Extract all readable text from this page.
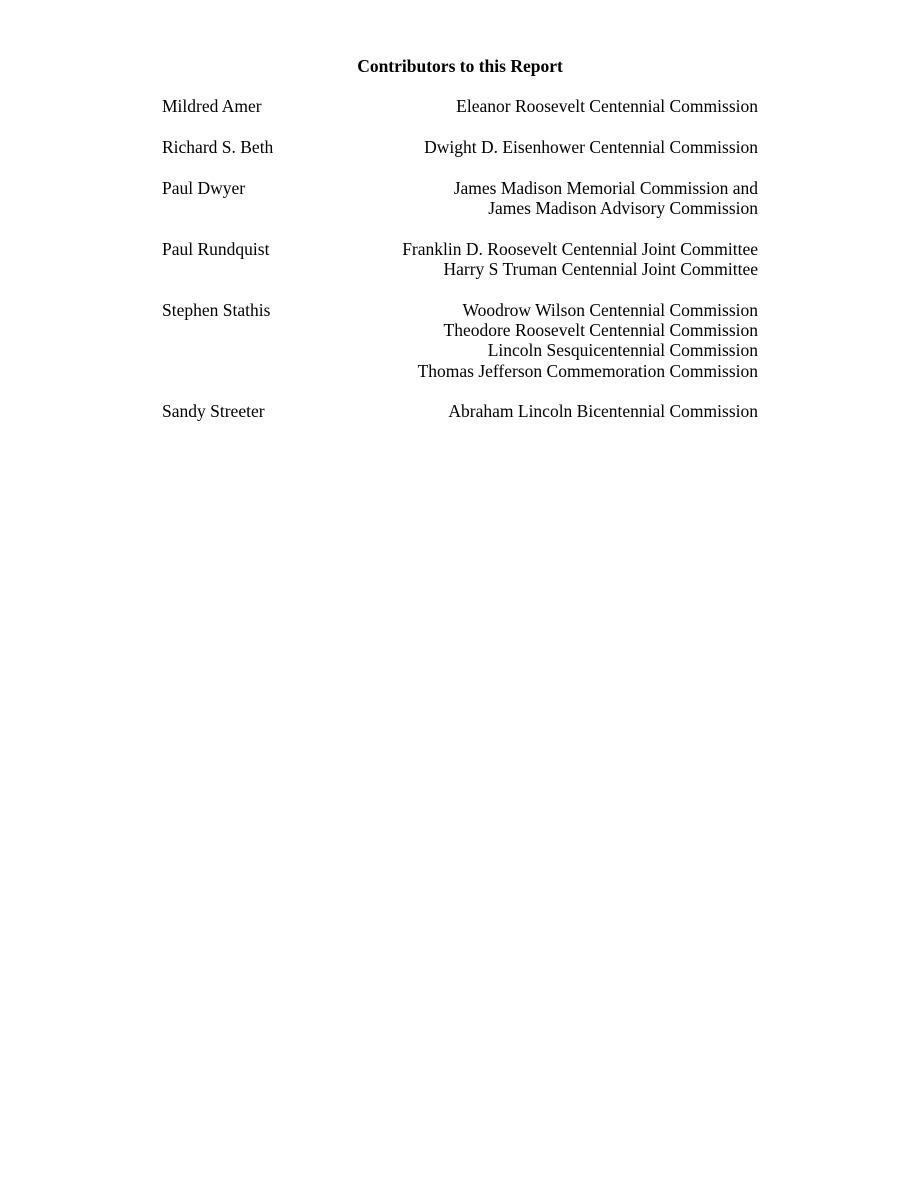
Contributors to this Report
Mildred Amer	Eleanor Roosevelt Centennial Commission
Richard S. Beth	Dwight D. Eisenhower Centennial Commission
Paul Dwyer	James Madison Memorial Commission and
James Madison Advisory Commission
Paul Rundquist	Franklin D. Roosevelt Centennial Joint Committee
Harry S Truman Centennial Joint Committee
Stephen Stathis	Woodrow Wilson Centennial Commission
Theodore Roosevelt Centennial Commission
Lincoln Sesquicentennial Commission
Thomas Jefferson Commemoration Commission
Sandy Streeter	Abraham Lincoln Bicentennial Commission
